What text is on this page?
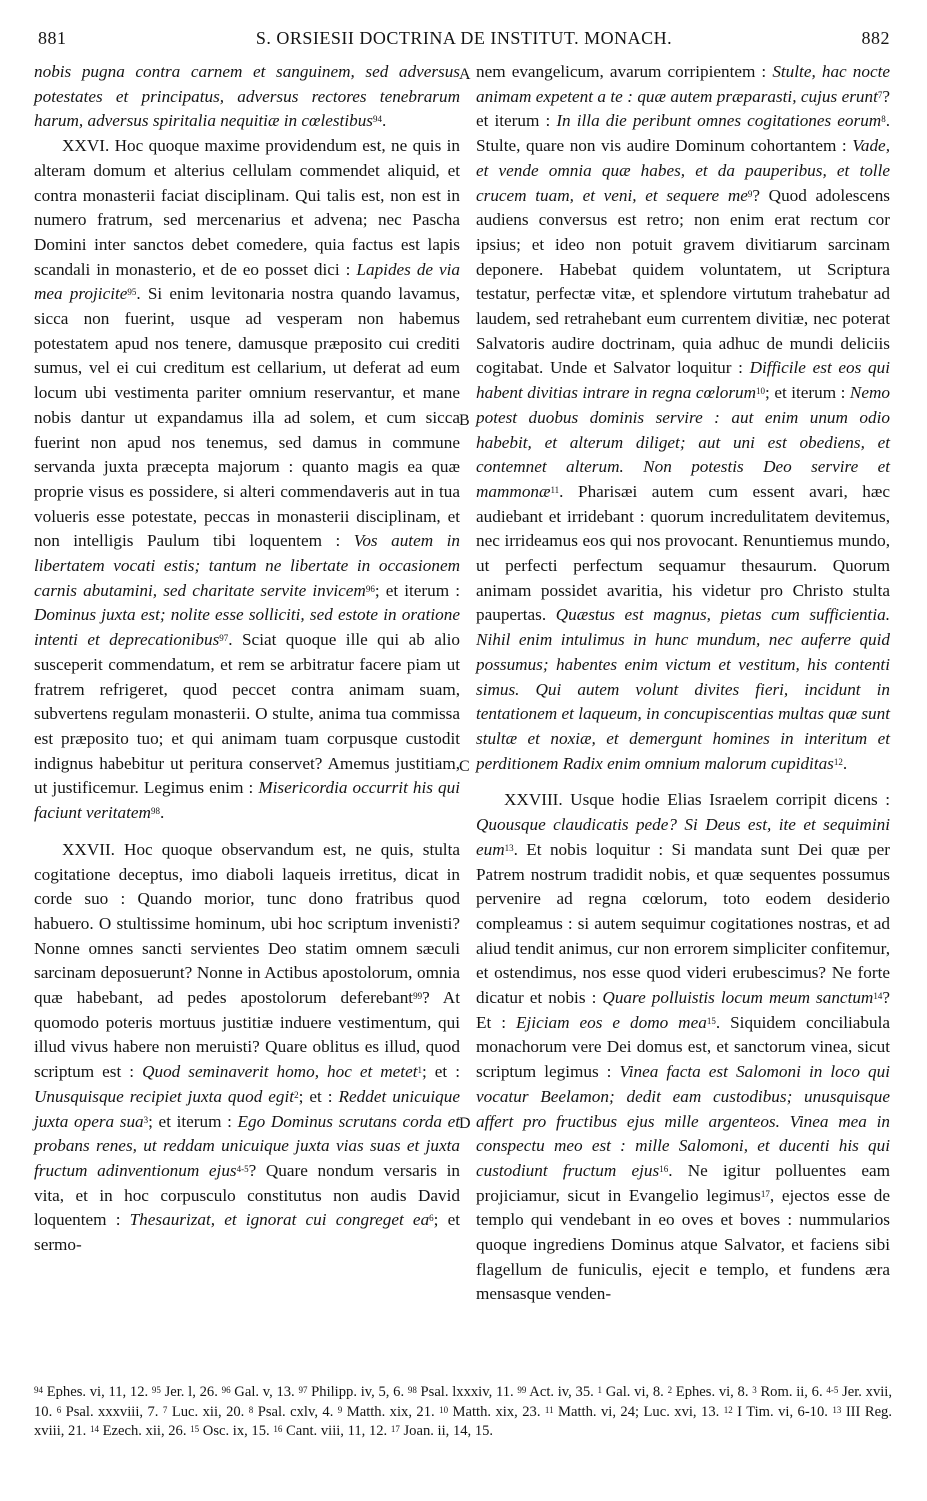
881	S. ORSIESII DOCTRINA DE INSTITUT. MONACH.	882
A
B
C
D

nobis pugna contra carnem et sanguinem, sed adversus potestates et principatus, adversus rectores tenebrarum harum, adversus spiritalia nequitiæ in cœlestibus$^{94}$.

XXVI. Hoc quoque maxime providendum est, ne quis in alteram domum et alterius cellulam commendet aliquid, et contra monasterii faciat disciplinam. Qui talis est, non est in numero fratrum, sed mercenarius et advena; nec Pascha Domini inter sanctos debet comedere, quia factus est lapis scandali in monasterio, et de eo posset dici : Lapides de via mea projicite$^{95}$. Si enim levitonaria nostra quando lavamus, sicca non fuerint, usque ad vesperam non habemus potestatem apud nos tenere, damusque præposito cui crediti sumus, vel ei cui creditum est cellarium, ut deferat ad eum locum ubi vestimenta pariter omnium reservantur, et mane nobis dantur ut expandamus illa ad solem, et cum sicca fuerint non apud nos tenemus, sed damus in commune servanda juxta præcepta majorum : quanto magis ea quæ proprie visus es possidere, si alteri commendaveris aut in tua volueris esse potestate, peccas in monasterii disciplinam, et non intelligis Paulum tibi loquentem : Vos autem in libertatem vocati estis; tantum ne libertate in occasionem carnis abutamini, sed charitate servite invicem$^{96}$; et iterum : Dominus juxta est; nolite esse solliciti, sed estote in oratione intenti et deprecationibus$^{97}$. Sciat quoque ille qui ab alio susceperit commendatum, et rem se arbitratur facere piam ut fratrem refrigeret, quod peccet contra animam suam, subvertens regulam monasterii. O stulte, anima tua commissa est præposito tuo; et qui animam tuam corpusque custodit indignus habebitur ut peritura conservet? Amemus justitiam, ut justificemur. Legimus enim : Misericordia occurrit his qui faciunt veritatem$^{98}$.

XXVII. Hoc quoque observandum est, ne quis, stulta cogitatione deceptus, imo diaboli laqueis irretitus, dicat in corde suo : Quando morior, tunc dono fratribus quod habuero. O stultissime hominum, ubi hoc scriptum invenisti? Nonne omnes sancti servientes Deo statim omnem sæculi sarcinam deposuerunt? Nonne in Actibus apostolorum, omnia quæ habebant, ad pedes apostolorum deferebant$^{99}$? At quomodo poteris mortuus justitiæ induere vestimentum, qui illud vivus habere non meruisti? Quare oblitus es illud, quod scriptum est : Quod seminaverit homo, hoc et metet$^1$; et : Unusquisque recipiet juxta quod egit$^2$; et : Reddet unicuique juxta opera sua$^3$; et iterum : Ego Dominus scrutans corda et probans renes, ut reddam unicuique juxta vias suas et juxta fructum adinventionum ejus$^{4-5}$? Quare nondum versaris in vita, et in hoc corpusculo constitutus non audis David loquentem : Thesaurizat, et ignorat cui congreget $ea^6$; et sermo-

nem evangelicum, avarum corripientem : Stulte, hac nocte animam expetent a te : quæ autem præparasti, cujus erunt$^7$? et iterum : In illa die peribunt omnes cogitationes eorum$^8$. Stulte, quare non vis audire Dominum cohortantem : Vade, et vende omnia quæ habes, et da pauperibus, et tolle crucem tuam, et veni, et sequere $me^9$? Quod adolescens audiens conversus est retro; non enim erat rectum cor ipsius; et ideo non potuit gravem divitiarum sarcinam deponere. Habebat quidem voluntatem, ut Scriptura testatur, perfectæ vitæ, et splendore virtutum trahebatur ad laudem, sed retrahebant eum currentem divitiæ, nec poterat Salvatoris audire doctrinam, quia adhuc de mundi deliciis cogitabat. Unde et Salvator loquitur : Difficile est eos qui habent divitias intrare in regna cœlorum$^{10}$; et iterum : Nemo potest duobus dominis servire : aut enim unum odio habebit, et alterum diliget; aut uni est obediens, et contemnet alterum. Non potestis Deo servire et mammonæ$^{11}$. Pharisæi autem cum essent avari, hæc audiebant et irridebant : quorum incredulitatem devitemus, nec irrideamus eos qui nos provocant. Renuntiemus mundo, ut perfecti perfectum sequamur thesaurum. Quorum animam possidet avaritia, his videtur pro Christo stulta paupertas. Quæstus est magnus, pietas cum sufficientia. Nihil enim intulimus in hunc mundum, nec auferre quid possumus; habentes enim victum et vestitum, his contenti simus. Qui autem volunt divites fieri, incidunt in tentationem et laqueum, in concupiscentias multas quæ sunt stultæ et noxiæ, et demergunt homines in interitum et perditionem Radix enim omnium malorum cupiditas$^{12}$.

XXVIII. Usque hodie Elias Israelem corripit dicens : Quousque claudicatis pede? Si Deus est, ite et sequimini eum$^{13}$. Et nobis loquitur : Si mandata sunt Dei quæ per Patrem nostrum tradidit nobis, et quæ sequentes possumus pervenire ad regna cœlorum, toto eodem desiderio compleamus : si autem sequimur cogitationes nostras, et ad aliud tendit animus, cur non errorem simpliciter confitemur, et ostendimus, nos esse quod videri erubescimus? Ne forte dicatur et nobis : Quare polluistis locum meum sanctum$^{14}$? Et : Ejiciam eos e domo mea$^{15}$. Siquidem conciliabula monachorum vere Dei domus est, et sanctorum vinea, sicut scriptum legimus : Vinea facta est Salomoni in loco qui vocatur Beelamon; dedit eam custodibus; unusquisque affert pro fructibus ejus mille argenteos. Vinea mea in conspectu meo est : mille Salomoni, et ducenti his qui custodiunt fructum ejus$^{16}$. Ne igitur polluentes eam projiciamur, sicut in Evangelio legimus$^{17}$, ejectos esse de templo qui vendebant in eo oves et boves : nummularios quoque ingrediens Dominus atque Salvator, et faciens sibi flagellum de funiculis, ejecit e templo, et fundens æra mensasque venden-

$^{94}$ Ephes. vi, 11, 12. $^{95}$ Jer. l, 26. $^{96}$ Gal. v, 13. $^{97}$ Philipp. iv, 5, 6. $^{98}$ Psal. lxxxiv, 11. $^{99}$ Act. iv, 35. $^1$ Gal. vi, 8. $^2$ Ephes. vi, 8. $^3$ Rom. ii, 6. $^{4-5}$ Jer. xvii, 10. $^6$ Psal. xxxviii, 7. $^7$ Luc. xii, 20. $^8$ Psal. cxlv, 4. $^9$ Matth. xix, 21. $^{10}$ Matth. xix, 23. $^{11}$ Matth. vi, 24; Luc. xvi, 13. $^{12}$ I Tim. vi, 6-10. $^{13}$ III Reg. xviii, 21. $^{14}$ Ezech. xii, 26. $^{15}$ Osc. ix, 15. $^{16}$ Cant. viii, 11, 12. $^{17}$ Joan. ii, 14, 15.
